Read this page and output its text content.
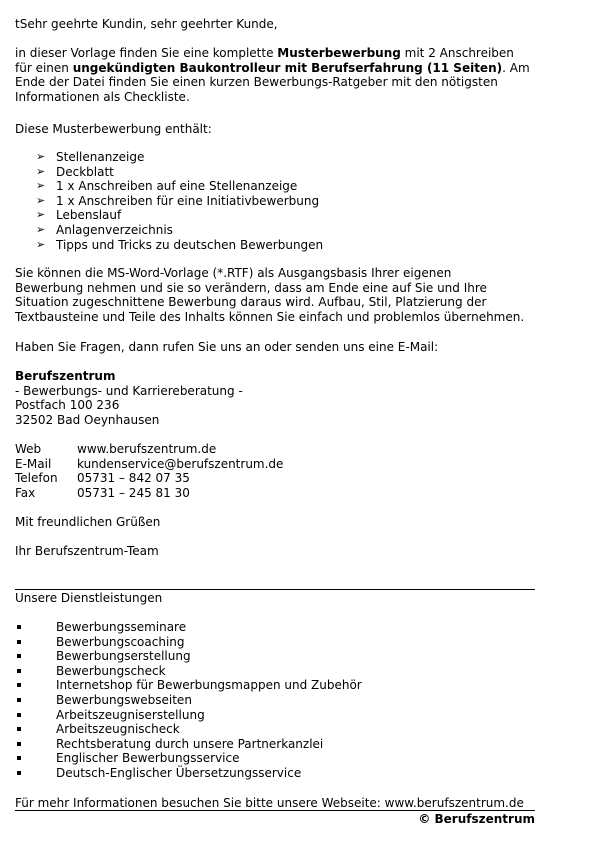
tSehr geehrte Kundin, sehr geehrter Kunde,
in dieser Vorlage finden Sie eine komplette Musterbewerbung mit 2 Anschreiben
für einen ungekündigten Baukontrolleur mit Berufserfahrung (11 Seiten). Am
Ende der Datei finden Sie einen kurzen Bewerbungs-Ratgeber mit den nötigsten
Informationen als Checkliste.
Diese Musterbewerbung enthält:
➢ Stellenanzeige
➢ Deckblatt
➢ 1 x Anschreiben auf eine Stellenanzeige
➢ 1 x Anschreiben für eine Initiativbewerbung
➢ Lebenslauf
➢ Anlagenverzeichnis
➢ Tipps und Tricks zu deutschen Bewerbungen
Sie können die MS-Word-Vorlage (*.RTF) als Ausgangsbasis Ihrer eigenen
Bewerbung nehmen und sie so verändern, dass am Ende eine auf Sie und Ihre
Situation zugeschnittene Bewerbung daraus wird. Aufbau, Stil, Platzierung der
Textbausteine und Teile des Inhalts können Sie einfach und problemlos übernehmen.
Haben Sie Fragen, dann rufen Sie uns an oder senden uns eine E-Mail:
Berufszentrum
- Bewerbungs- und Karriereberatung -
Postfach 100 236
32502 Bad Oeynhausen
Web	www.berufszentrum.de
E-Mail	kundenservice@berufszentrum.de
Telefon	05731 – 842 07 35
Fax	05731 – 245 81 30
Mit freundlichen Grüßen
Ihr Berufszentrum-Team
Unsere Dienstleistungen
Bewerbungsseminare
Bewerbungscoaching
Bewerbungserstellung
Bewerbungscheck
Internetshop für Bewerbungsmappen und Zubehör
Bewerbungswebseiten
Arbeitszeugniserstellung
Arbeitszeugnischeck
Rechtsberatung durch unsere Partnerkanzlei
Englischer Bewerbungsservice
Deutsch-Englischer Übersetzungsservice
Für mehr Informationen besuchen Sie bitte unsere Webseite: www.berufszentrum.de
© Berufszentrum
